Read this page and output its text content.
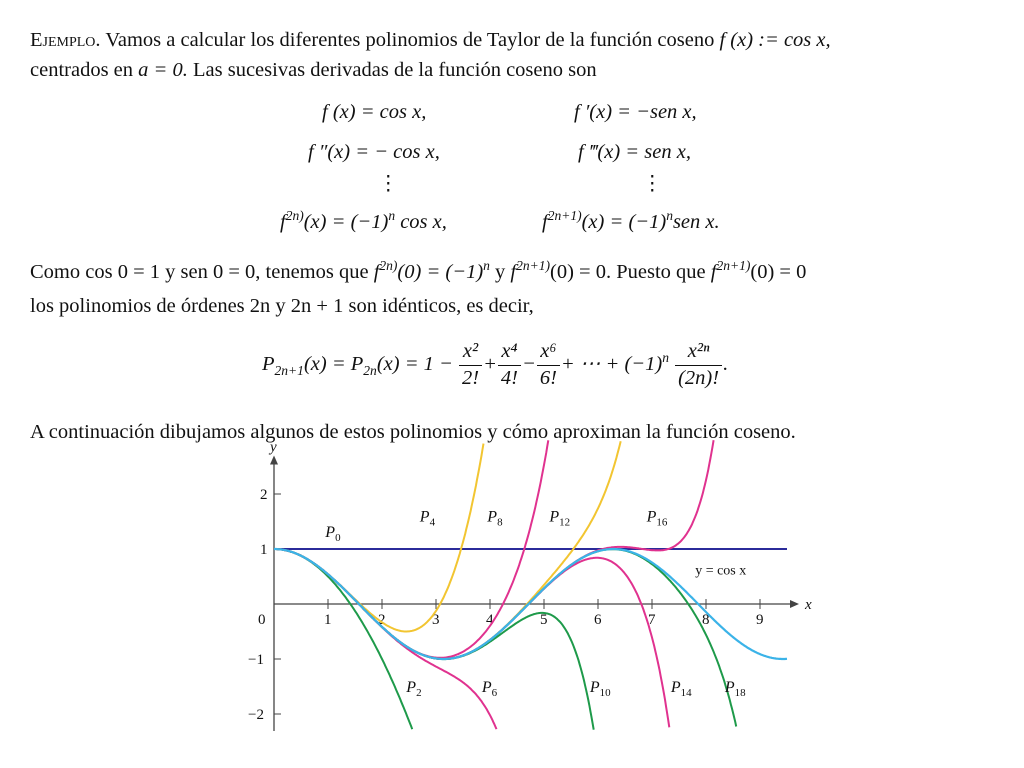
Ejemplo. Vamos a calcular los diferentes polinomios de Taylor de la función coseno f (x) := cos x,
centrados en a = 0. Las sucesivas derivadas de la función coseno son
f (x) = cos x,	f ′(x) = −sen x,
f ″(x) = − cos x,	f ‴(x) = sen x,
⋮	⋮
$f^{2n)}(x) = (-1)^n$ cos x,	$f^{2n+1)}(x) = (-1)^nsen$ x.
Como cos 0 = 1 y sen 0 = 0, tenemos que $f^{2n)}(0) = (-1)^n$ y $f^{2n+1)}(0) = 0$. Puesto que $f^{2n+1)}(0) = 0$
los polinomios de órdenes 2n y 2n + 1 son idénticos, es decir,
$P_{2n+1}(x) = P_{2n}(x) = 1 - \frac{\text{x²}}{2!} + \frac{\text{x⁴}}{4!} - \frac{\text{x⁶}}{6!}$ + ⋯ + $(-1)^n \frac{\text{x²ⁿ}}{(2n)!}$ .
A continuación dibujamos algunos de estos polinomios y cómo aproximan la función coseno.
x
y
0	1	2	3	4	5	6	7	8	9
2
1
−1
−2
$P_0$
$P_4$	$P_8$	$P_{12}$	$P_{16}$
$P_2$	$P_6$	$P_{10}$	$P_{14}$ $P_{18}$
y = cos x
